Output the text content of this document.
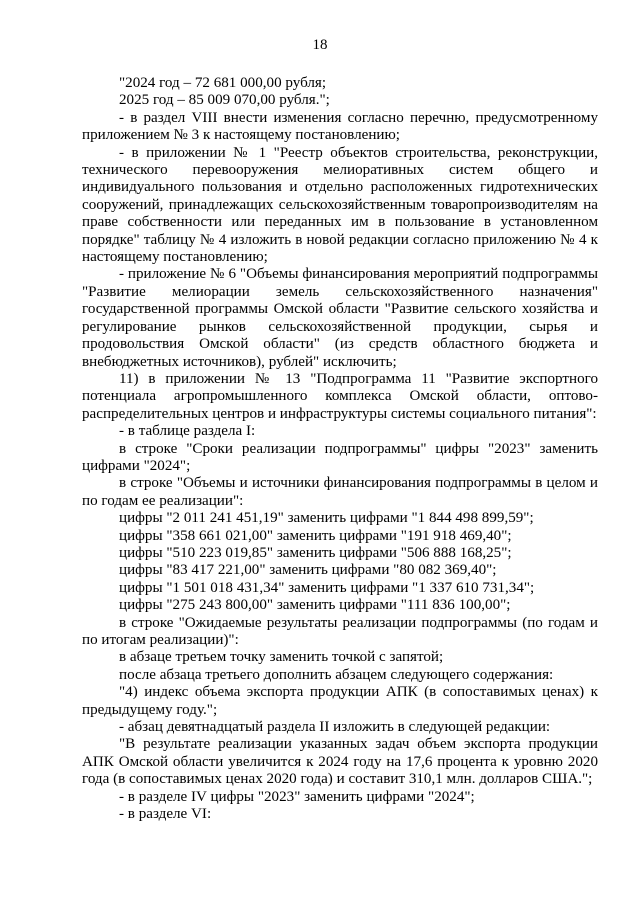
18

"2024 год – 72 681 000,00 рубля;

2025 год – 85 009 070,00 рубля.";

- в раздел VIII внести изменения согласно перечню, предусмотренному приложением № 3 к настоящему постановлению;

- в приложении № 1 "Реестр объектов строительства, реконструкции, технического перевооружения мелиоративных систем общего и индивидуального пользования и отдельно расположенных гидротехнических сооружений, принадлежащих сельскохозяйственным товаропроизводителям на праве собственности или переданных им в пользование в установленном порядке" таблицу № 4 изложить в новой редакции согласно приложению № 4 к настоящему постановлению;

- приложение № 6 "Объемы финансирования мероприятий подпрограммы "Развитие мелиорации земель сельскохозяйственного назначения" государственной программы Омской области "Развитие сельского хозяйства и регулирование рынков сельскохозяйственной продукции, сырья и продовольствия Омской области" (из средств областного бюджета и внебюджетных источников), рублей" исключить;

11) в приложении № 13 "Подпрограмма 11 "Развитие экспортного потенциала агропромышленного комплекса Омской области, оптово-распределительных центров и инфраструктуры системы социального питания":

- в таблице раздела I:

в строке "Сроки реализации подпрограммы" цифры "2023" заменить цифрами "2024";

в строке "Объемы и источники финансирования подпрограммы в целом и по годам ее реализации":

цифры "2 011 241 451,19" заменить цифрами "1 844 498 899,59";

цифры "358 661 021,00" заменить цифрами "191 918 469,40";

цифры "510 223 019,85" заменить цифрами "506 888 168,25";

цифры "83 417 221,00" заменить цифрами "80 082 369,40";

цифры "1 501 018 431,34" заменить цифрами "1 337 610 731,34";

цифры "275 243 800,00" заменить цифрами "111 836 100,00";

в строке "Ожидаемые результаты реализации подпрограммы (по годам и по итогам реализации)":

в абзаце третьем точку заменить точкой с запятой;

после абзаца третьего дополнить абзацем следующего содержания:

"4) индекс объема экспорта продукции АПК (в сопоставимых ценах) к предыдущему году.";

- абзац девятнадцатый раздела II изложить в следующей редакции:

"В результате реализации указанных задач объем экспорта продукции АПК Омской области увеличится к 2024 году на 17,6 процента к уровню 2020 года (в сопоставимых ценах 2020 года) и составит 310,1 млн. долларов США.";

- в разделе IV цифры "2023" заменить цифрами "2024";

- в разделе VI:
